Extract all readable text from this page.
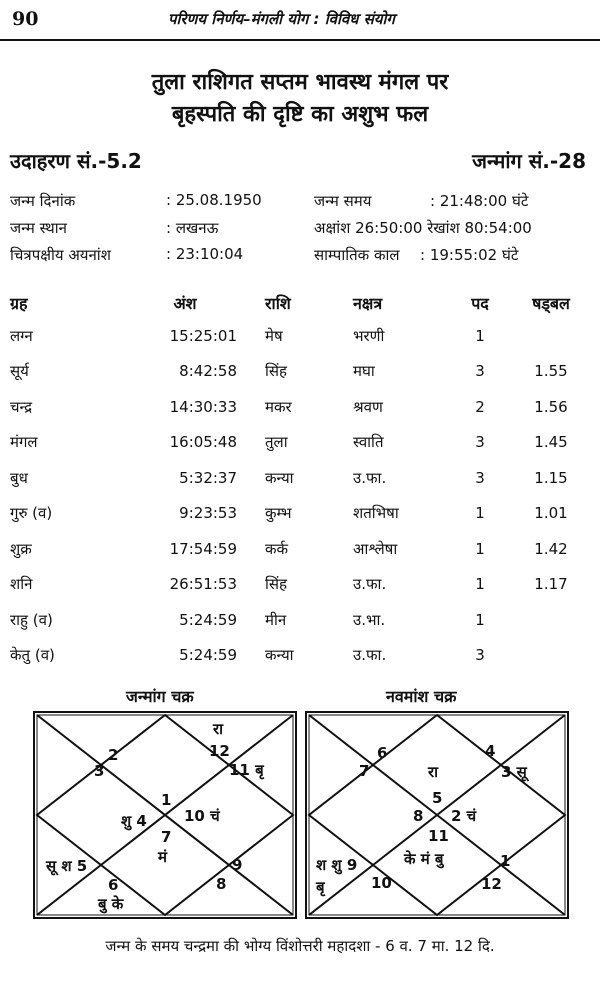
90	परिणय निर्णय–मंगली योग : विविध संयोग
तुला राशिगत सप्तम भावस्थ मंगल पर
बृहस्पति की दृष्टि का अशुभ फल
उदाहरण सं.-5.2	जन्मांग सं.-28
जन्म दिनांक	: 25.08.1950
जन्म स्थान	: लखनऊ
चित्रपक्षीय अयनांश	: 23:10:04
जन्म समय	: 21:48:00 घंटे
अक्षांश 26:50:00 रेखांश 80:54:00
साम्पातिक काल : 19:55:02 घंटे
ग्रह	अंश	राशि	नक्षत्र	पद	षड्बल
लग्न	15:25:01	मेष	भरणी	1	
सूर्य	8:42:58	सिंह	मघा	3	1.55
चन्द्र	14:30:33	मकर	श्रवण	2	1.56
मंगल	16:05:48	तुला	स्वाति	3	1.45
बुध	5:32:37	कन्या	उ.फा.	3	1.15
गुरु (व)	9:23:53	कुम्भ	शतभिषा	1	1.01
शुक्र	17:54:59	कर्क	आश्लेषा	1	1.42
शनि	26:51:53	सिंह	उ.फा.	1	1.17
राहु (व)	5:24:59	मीन	उ.भा.	1	
केतु (व)	5:24:59	कन्या	उ.फा.	3	
जन्मांग चक्र	नवमांश चक्र
रा
12
2
3	11 बृ
1
शु 4 10 चं
7
मं
सू श 5	9
6	8
बु के
6	4
7	रा	3 सू
5
8 2 चं
11
श शु 9
बृ
के मं बु	1
10	12
जन्म के समय चन्द्रमा की भोग्य विंशोत्तरी महादशा - 6 व. 7 मा. 12 दि.
